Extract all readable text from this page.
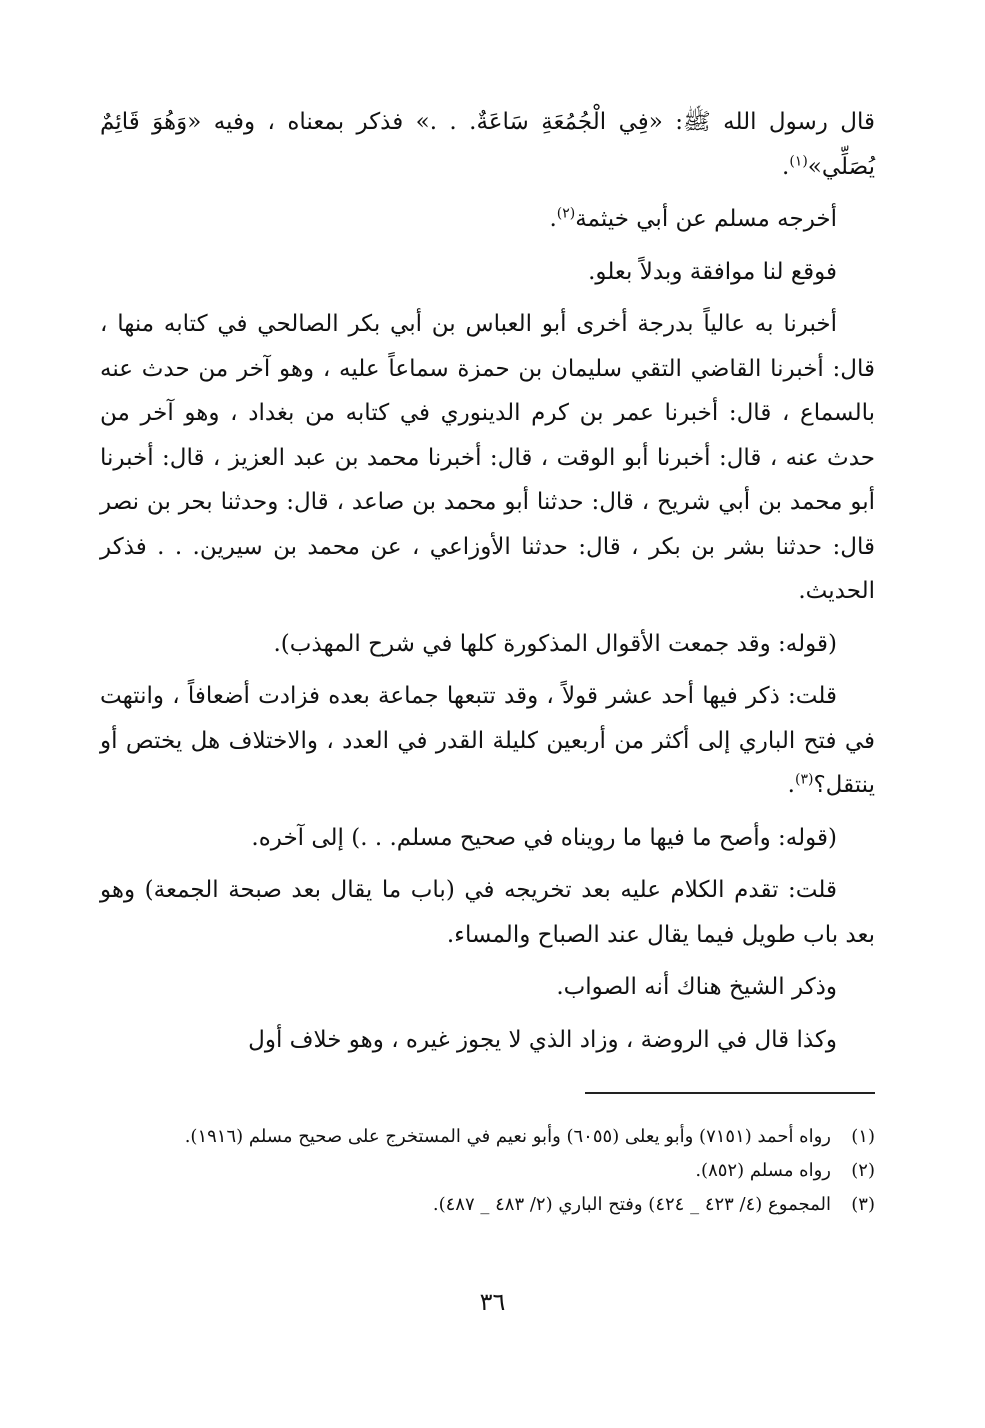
قال رسول الله ﷺ: «فِي الْجُمُعَةِ سَاعَةٌ. . .» فذكر بمعناه ، وفيه «وَهُوَ قَائِمٌ يُصَلِّي»$^{(١)}$.

أخرجه مسلم عن أبي خيثمة$^{(٢)}$.

فوقع لنا موافقة وبدلاً بعلو.

أخبرنا به عالياً بدرجة أخرى أبو العباس بن أبي بكر الصالحي في كتابه منها ، قال: أخبرنا القاضي التقي سليمان بن حمزة سماعاً عليه ، وهو آخر من حدث عنه بالسماع ، قال: أخبرنا عمر بن كرم الدينوري في كتابه من بغداد ، وهو آخر من حدث عنه ، قال: أخبرنا أبو الوقت ، قال: أخبرنا محمد بن عبد العزيز ، قال: أخبرنا أبو محمد بن أبي شريح ، قال: حدثنا أبو محمد بن صاعد ، قال: وحدثنا بحر بن نصر قال: حدثنا بشر بن بكر ، قال: حدثنا الأوزاعي ، عن محمد بن سيرين. . . فذكر الحديث.

(قوله: وقد جمعت الأقوال المذكورة كلها في شرح المهذب).

قلت: ذكر فيها أحد عشر قولاً ، وقد تتبعها جماعة بعده فزادت أضعافاً ، وانتهت في فتح الباري إلى أكثر من أربعين كليلة القدر في العدد ، والاختلاف هل يختص أو ينتقل؟$^{(٣)}$.

(قوله: وأصح ما فيها ما رويناه في صحيح مسلم. . .) إلى آخره.

قلت: تقدم الكلام عليه بعد تخريجه في (باب ما يقال بعد صبحة الجمعة) وهو بعد باب طويل فيما يقال عند الصباح والمساء.

وذكر الشيخ هناك أنه الصواب.

وكذا قال في الروضة ، وزاد الذي لا يجوز غيره ، وهو خلاف أول

(١)
رواه أحمد (٧١٥١) وأبو يعلى (٦٠٥٥) وأبو نعيم في المستخرج على صحيح مسلم (١٩١٦).
(٢)
رواه مسلم (٨٥٢).
(٣)
المجموع (٤/ ٤٢٣ _ ٤٢٤) وفتح الباري (٢/ ٤٨٣ _ ٤٨٧).
٣٦
